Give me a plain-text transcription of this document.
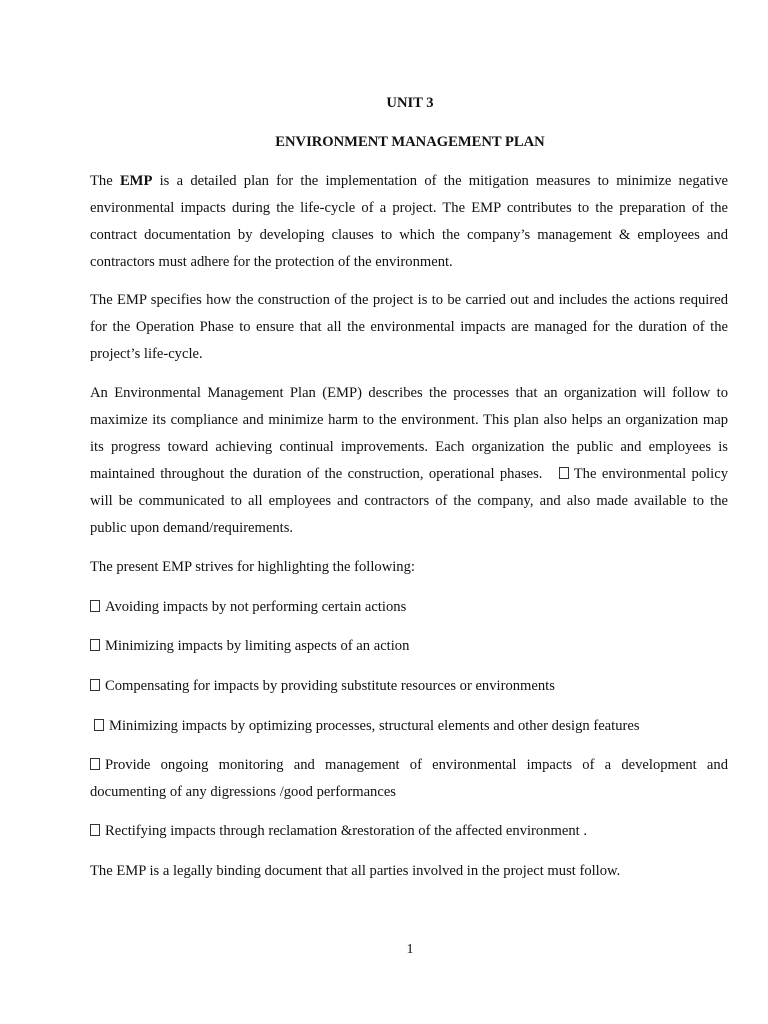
UNIT 3

ENVIRONMENT MANAGEMENT PLAN

The EMP is a detailed plan for the implementation of the mitigation measures to minimize negative environmental impacts during the life-cycle of a project. The EMP contributes to the preparation of the contract documentation by developing clauses to which the company’s management & employees and contractors must adhere for the protection of the environment.

The EMP specifies how the construction of the project is to be carried out and includes the actions required for the Operation Phase to ensure that all the environmental impacts are managed for the duration of the project’s life-cycle.

An Environmental Management Plan (EMP) describes the processes that an organization will follow to maximize its compliance and minimize harm to the environment. This plan also helps an organization map its progress toward achieving continual improvements. Each organization the public and employees is maintained throughout the duration of the construction, operational phases. The environmental policy will be communicated to all employees and contractors of the company, and also made available to the public upon demand/requirements.

The present EMP strives for highlighting the following:

Avoiding impacts by not performing certain actions

Minimizing impacts by limiting aspects of an action

Compensating for impacts by providing substitute resources or environments

Minimizing impacts by optimizing processes, structural elements and other design features

Provide ongoing monitoring and management of environmental impacts of a development and documenting of any digressions /good performances

Rectifying impacts through reclamation &restoration of the affected environment .

The EMP is a legally binding document that all parties involved in the project must follow.

1
